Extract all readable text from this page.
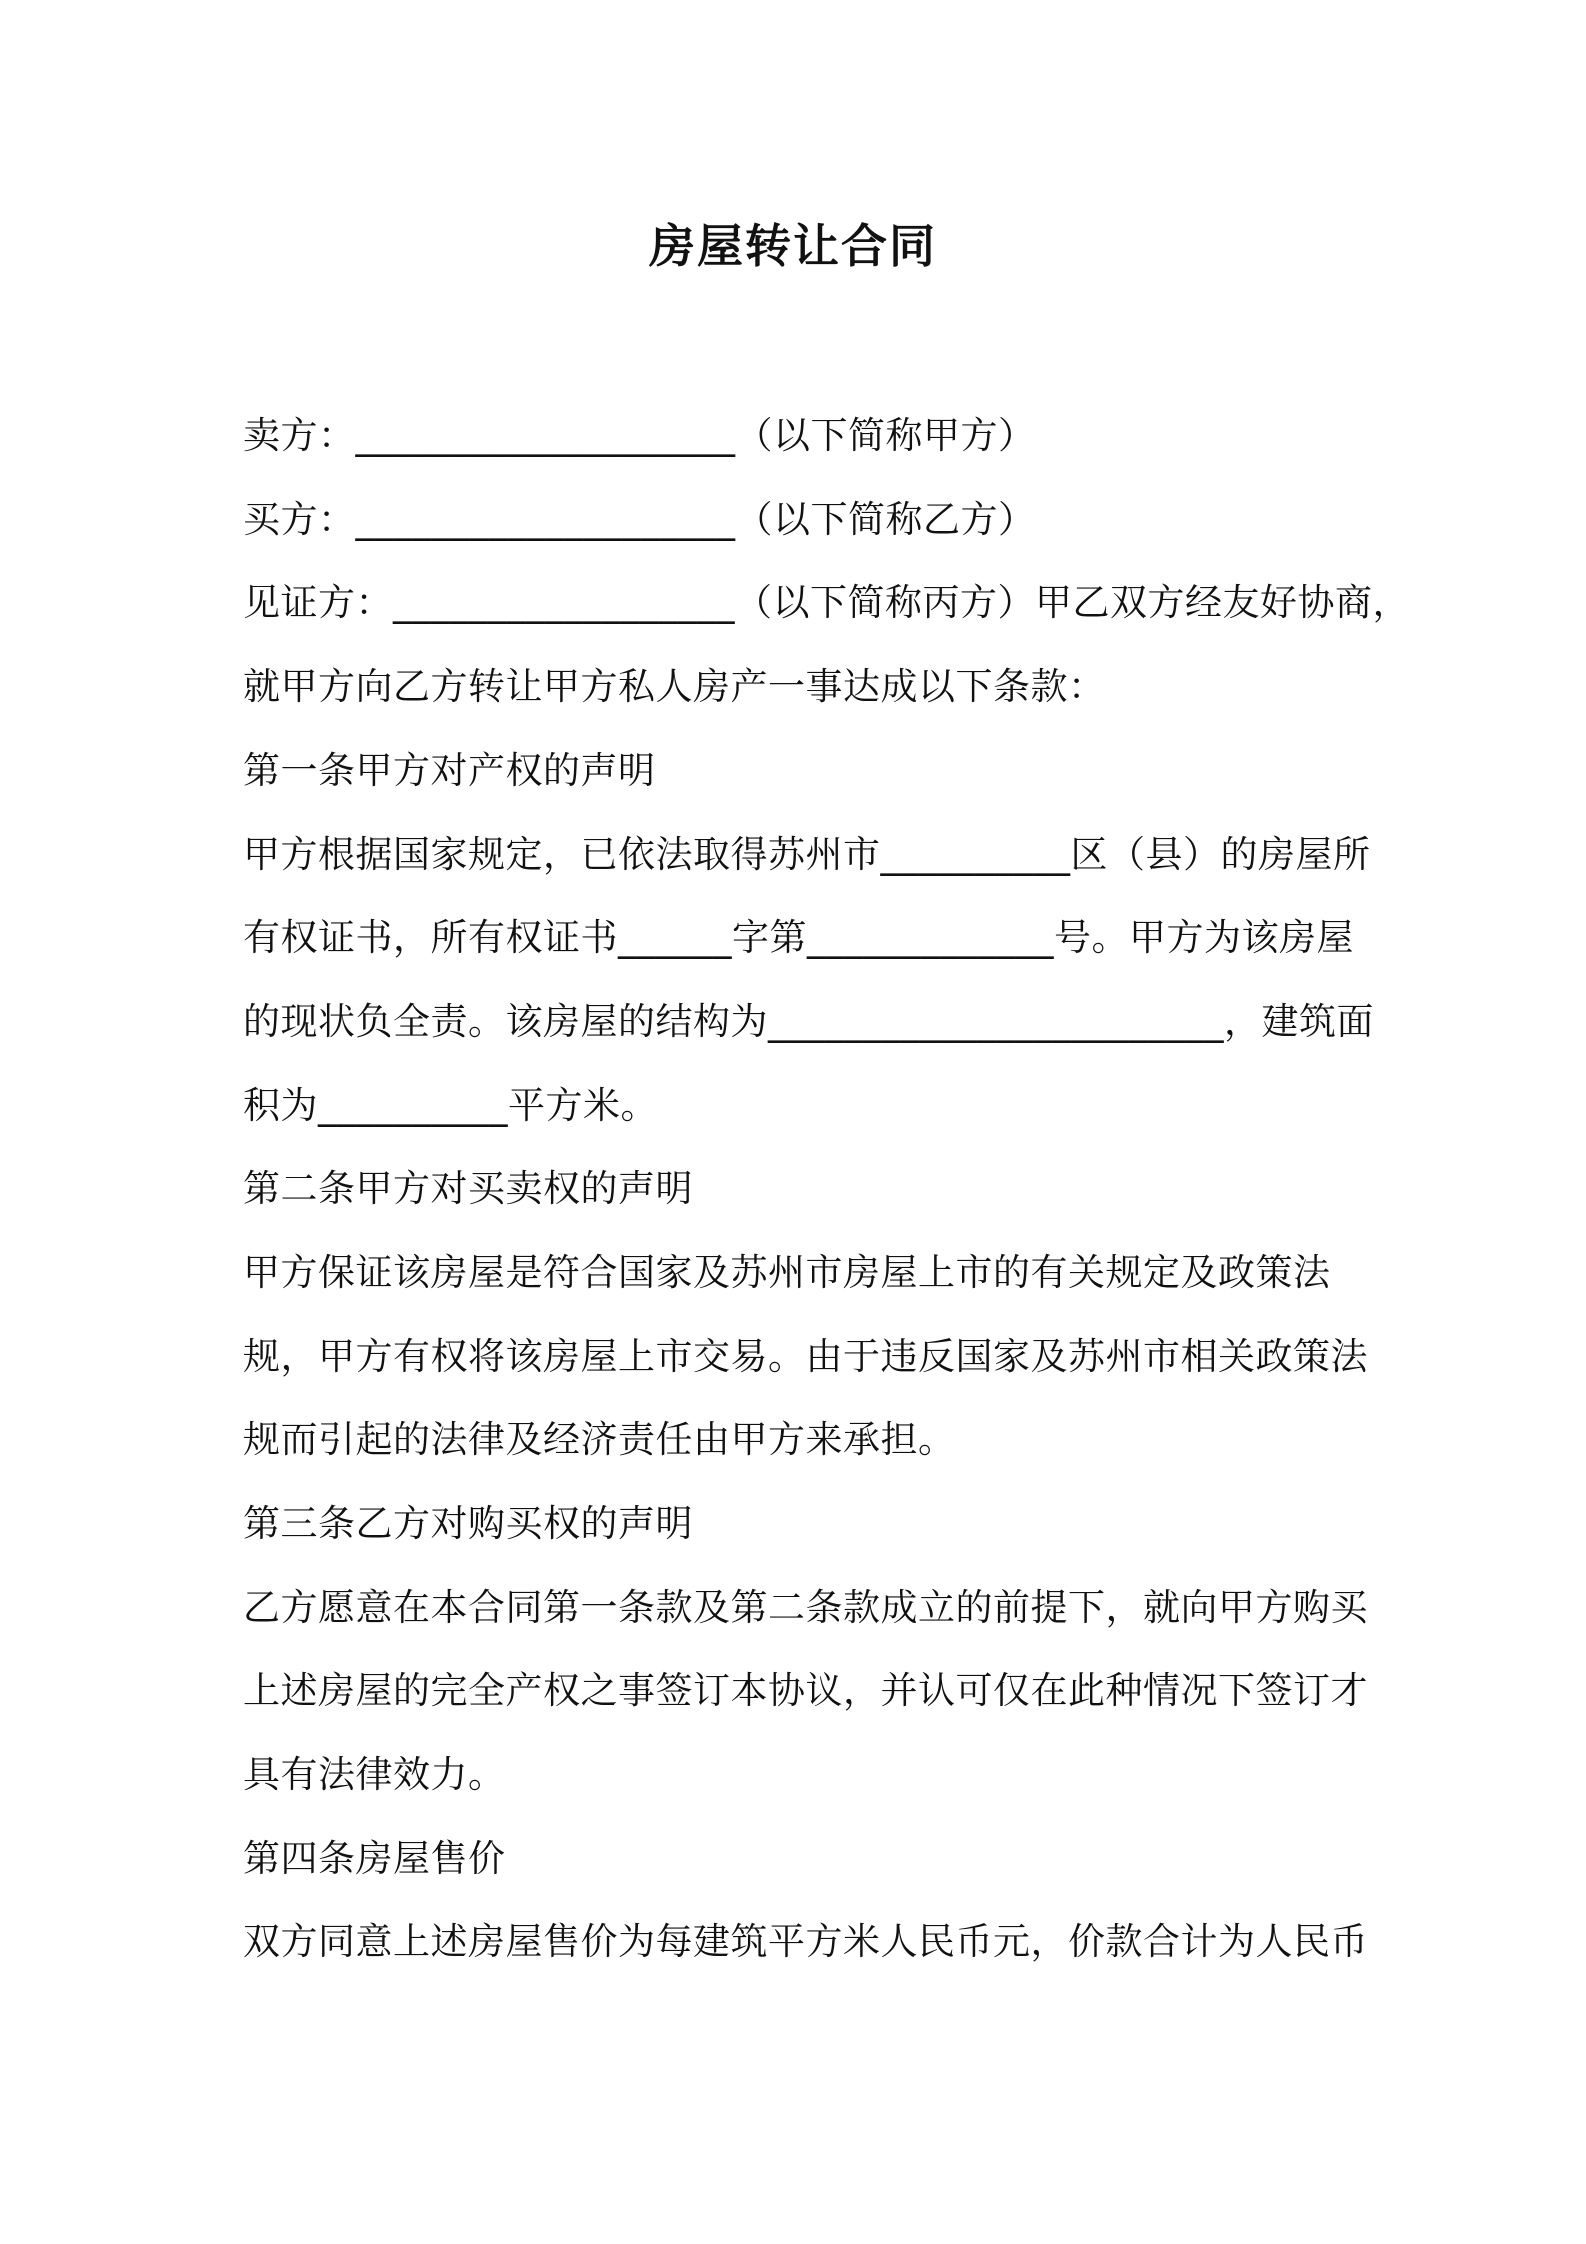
房屋转让合同
卖方：____________________（以下简称甲方）
买方：____________________（以下简称乙方）
见证方：__________________（以下简称丙方）甲乙双方经友好协商，
就甲方向乙方转让甲方私人房产一事达成以下条款：
第一条甲方对产权的声明
甲方根据国家规定，已依法取得苏州市__________区（县）的房屋所
有权证书，所有权证书______字第_____________号。甲方为该房屋
的现状负全责。该房屋的结构为________________________，建筑面
积为__________平方米。
第二条甲方对买卖权的声明
甲方保证该房屋是符合国家及苏州市房屋上市的有关规定及政策法
规，甲方有权将该房屋上市交易。由于违反国家及苏州市相关政策法
规而引起的法律及经济责任由甲方来承担。
第三条乙方对购买权的声明
乙方愿意在本合同第一条款及第二条款成立的前提下，就向甲方购买
上述房屋的完全产权之事签订本协议，并认可仅在此种情况下签订才
具有法律效力。
第四条房屋售价
双方同意上述房屋售价为每建筑平方米人民币元，价款合计为人民币
